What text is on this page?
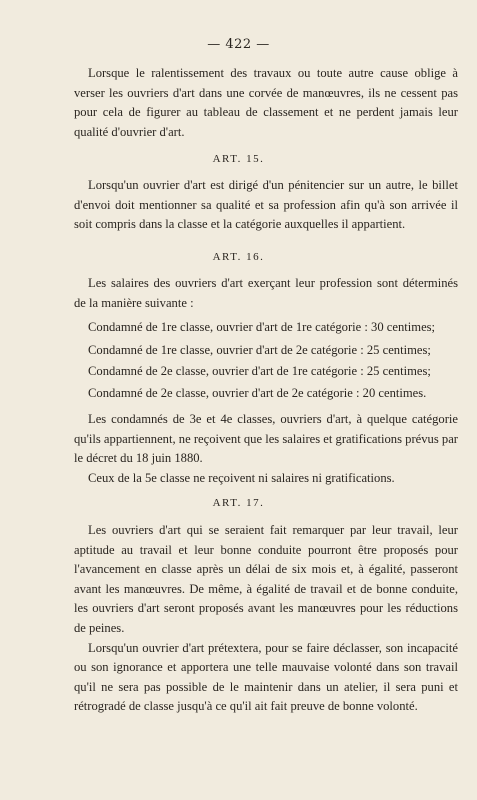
— 422 —

Lorsque le ralentissement des travaux ou toute autre cause oblige à verser les ouvriers d'art dans une corvée de manœuvres, ils ne cessent pas pour cela de figurer au tableau de classement et ne perdent jamais leur qualité d'ouvrier d'art.

ART. 15.

Lorsqu'un ouvrier d'art est dirigé d'un pénitencier sur un autre, le billet d'envoi doit mentionner sa qualité et sa profession afin qu'à son arrivée il soit compris dans la classe et la catégorie auxquelles il appartient.

ART. 16.

Les salaires des ouvriers d'art exerçant leur profession sont déterminés de la manière suivante :

Condamné de 1re classe, ouvrier d'art de 1re catégorie : 30 centimes;
Condamné de 1re classe, ouvrier d'art de 2e catégorie : 25 centimes;
Condamné de 2e classe, ouvrier d'art de 1re catégorie : 25 centimes;
Condamné de 2e classe, ouvrier d'art de 2e catégorie : 20 centimes.

Les condamnés de 3e et 4e classes, ouvriers d'art, à quelque catégorie qu'ils appartiennent, ne reçoivent que les salaires et gratifications prévus par le décret du 18 juin 1880.

Ceux de la 5e classe ne reçoivent ni salaires ni gratifications.

ART. 17.

Les ouvriers d'art qui se seraient fait remarquer par leur travail, leur aptitude au travail et leur bonne conduite pourront être proposés pour l'avancement en classe après un délai de six mois et, à égalité, passeront avant les manœuvres. De même, à égalité de travail et de bonne conduite, les ouvriers d'art seront proposés avant les manœuvres pour les réductions de peines.

Lorsqu'un ouvrier d'art prétextera, pour se faire déclasser, son incapacité ou son ignorance et apportera une telle mauvaise volonté dans son travail qu'il ne sera pas possible de le maintenir dans un atelier, il sera puni et rétrogradé de classe jusqu'à ce qu'il ait fait preuve de bonne volonté.
